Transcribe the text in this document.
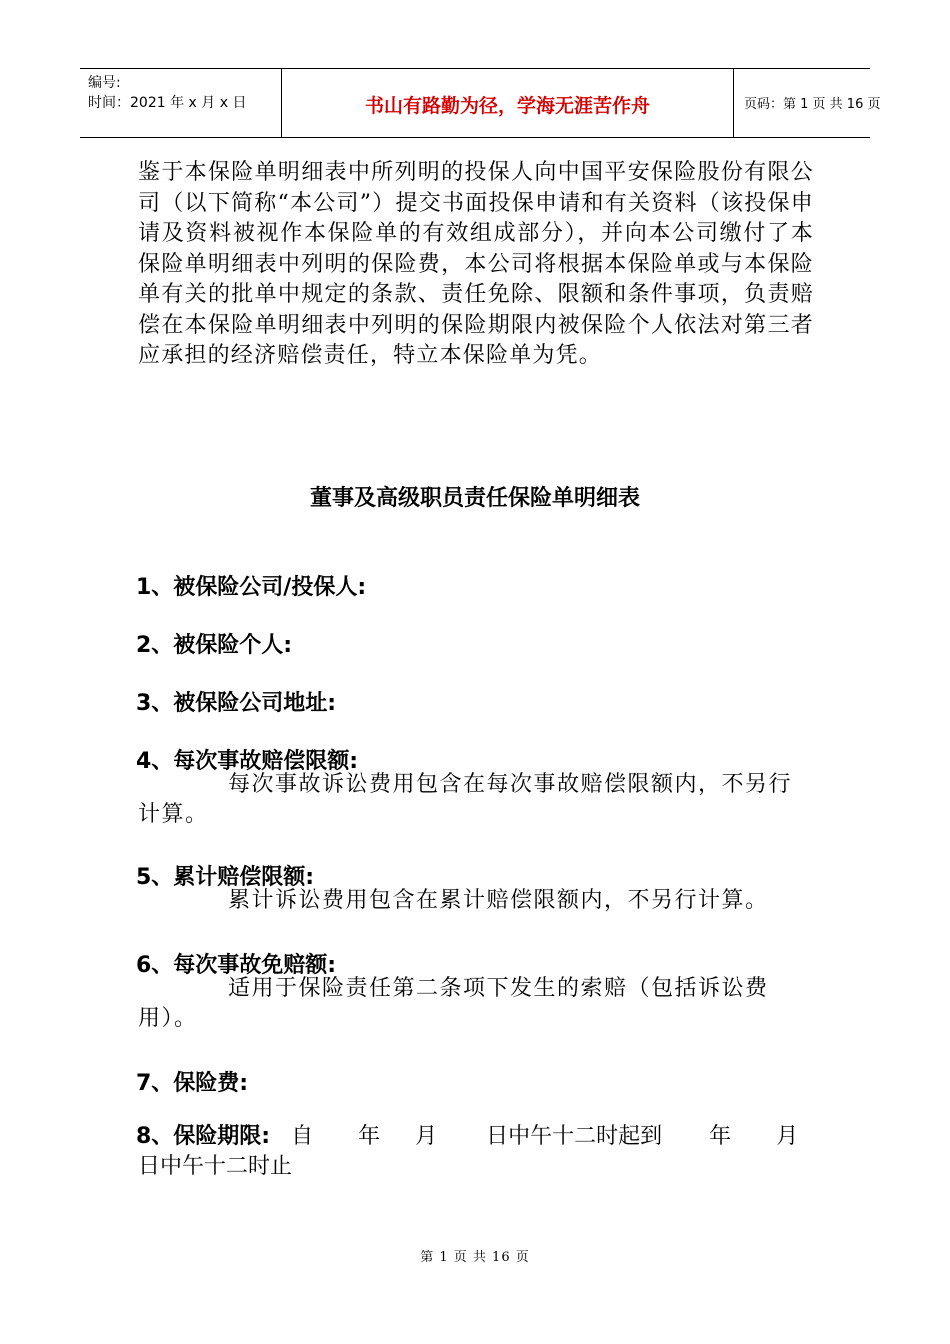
编号:
时间：2021 年 x 月 x 日	书山有路勤为径，学海无涯苦作舟	页码：第 1 页 共 16 页
鉴于本保险单明细表中所列明的投保人向中国平安保险股份有限公司（以下简称“本公司”）提交书面投保申请和有关资料（该投保申请及资料被视作本保险单的有效组成部分），并向本公司缴付了本保险单明细表中列明的保险费，本公司将根据本保险单或与本保险单有关的批单中规定的条款、责任免除、限额和条件事项，负责赔偿在本保险单明细表中列明的保险期限内被保险个人依法对第三者应承担的经济赔偿责任，特立本保险单为凭。
董事及高级职员责任保险单明细表
1、被保险公司/投保人:
2、被保险个人:
3、被保险公司地址:
4、每次事故赔偿限额:
每次事故诉讼费用包含在每次事故赔偿限额内，不另行计算。
5、累计赔偿限额:
累计诉讼费用包含在累计赔偿限额内，不另行计算。
6、每次事故免赔额:
适用于保险责任第二条项下发生的索赔（包括诉讼费用）。
7、保险费:
8、保险期限: 自 年 月 日中午十二时起到 年 月
日中午十二时止
第 1 页 共 16 页
